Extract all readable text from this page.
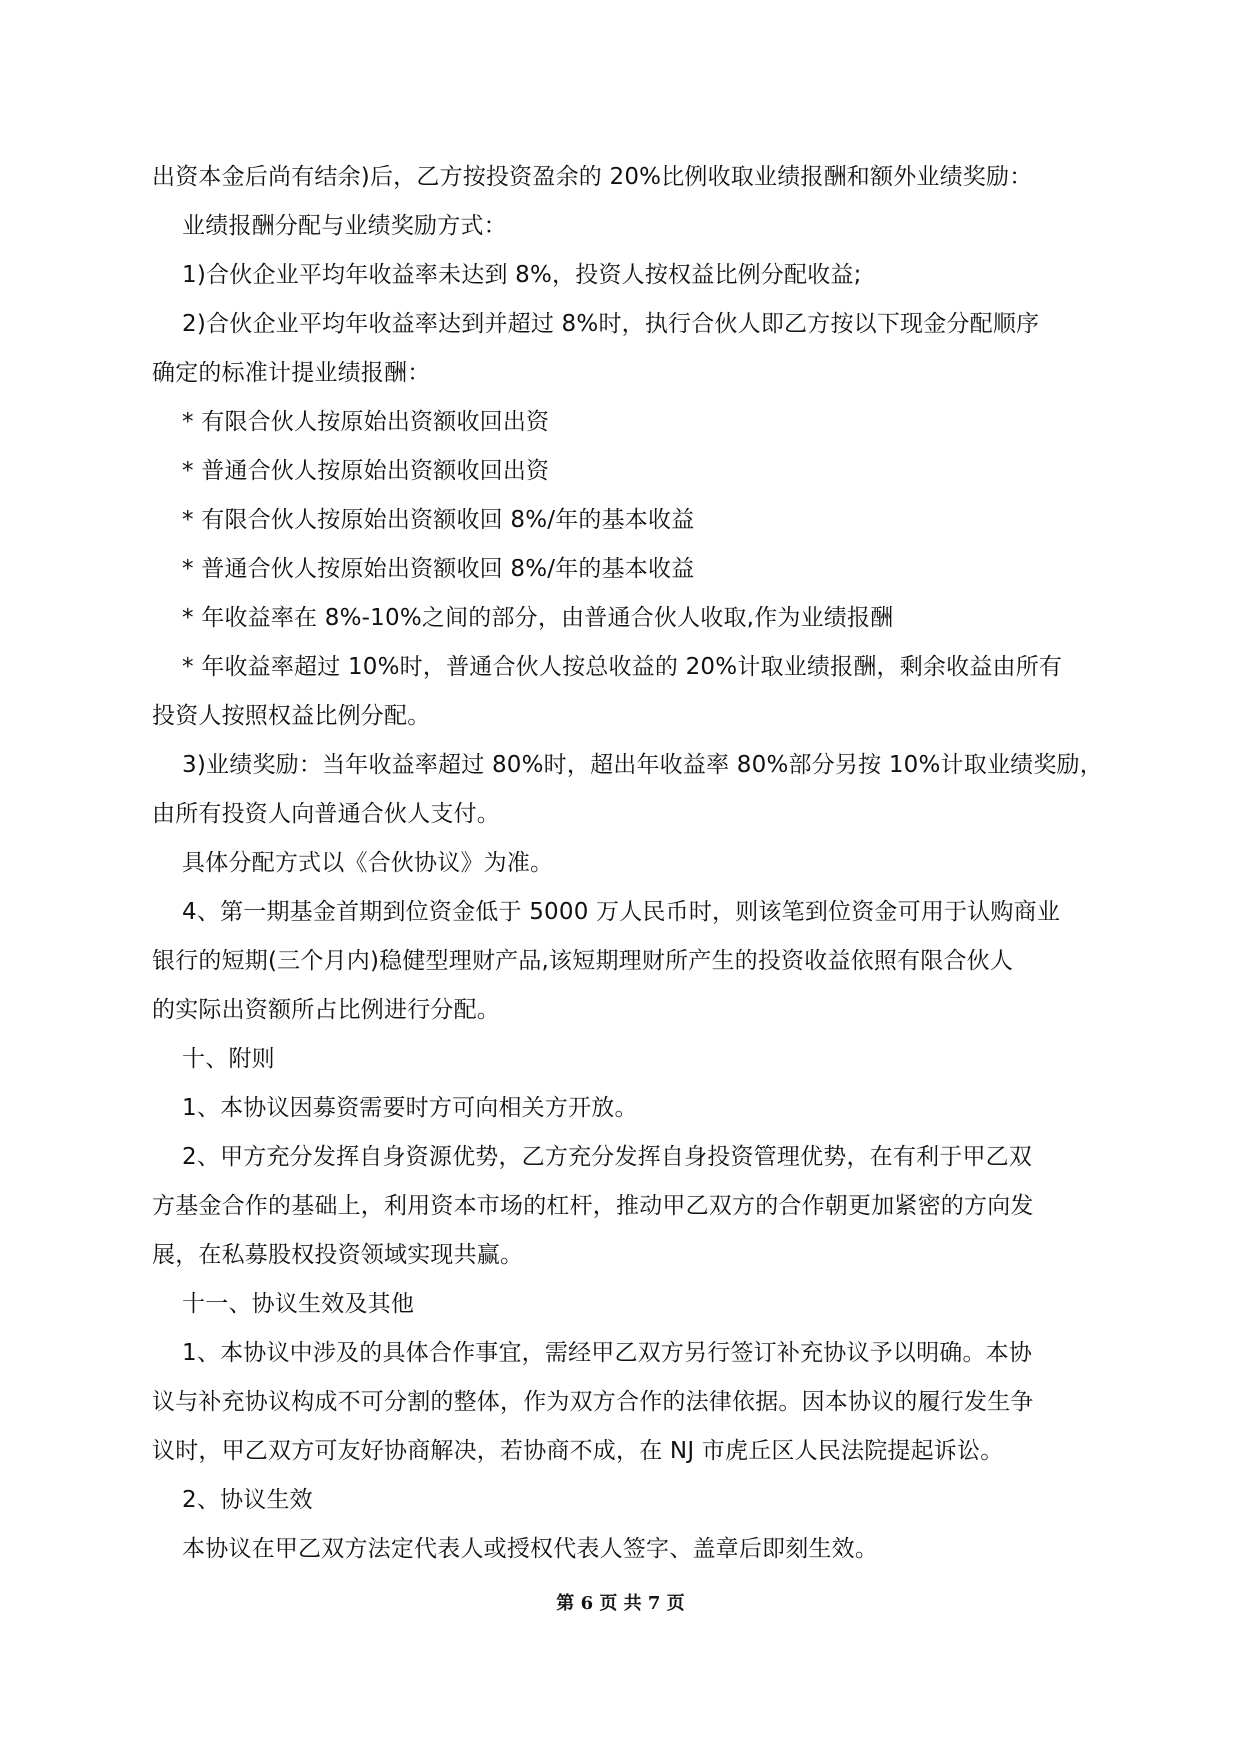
出资本金后尚有结余)后，乙方按投资盈余的 20%比例收取业绩报酬和额外业绩奖励：
业绩报酬分配与业绩奖励方式：
1)合伙企业平均年收益率未达到 8%，投资人按权益比例分配收益;
2)合伙企业平均年收益率达到并超过 8%时，执行合伙人即乙方按以下现金分配顺序
确定的标准计提业绩报酬：
* 有限合伙人按原始出资额收回出资
* 普通合伙人按原始出资额收回出资
* 有限合伙人按原始出资额收回 8%/年的基本收益
* 普通合伙人按原始出资额收回 8%/年的基本收益
* 年收益率在 8%-10%之间的部分，由普通合伙人收取,作为业绩报酬
* 年收益率超过 10%时，普通合伙人按总收益的 20%计取业绩报酬，剩余收益由所有
投资人按照权益比例分配。
3)业绩奖励：当年收益率超过 80%时，超出年收益率 80%部分另按 10%计取业绩奖励，
由所有投资人向普通合伙人支付。
具体分配方式以《合伙协议》为准。
4、第一期基金首期到位资金低于 5000 万人民币时，则该笔到位资金可用于认购商业
银行的短期(三个月内)稳健型理财产品,该短期理财所产生的投资收益依照有限合伙人
的实际出资额所占比例进行分配。
十、附则
1、本协议因募资需要时方可向相关方开放。
2、甲方充分发挥自身资源优势，乙方充分发挥自身投资管理优势，在有利于甲乙双
方基金合作的基础上，利用资本市场的杠杆，推动甲乙双方的合作朝更加紧密的方向发
展，在私募股权投资领域实现共赢。
十一、协议生效及其他
1、本协议中涉及的具体合作事宜，需经甲乙双方另行签订补充协议予以明确。本协
议与补充协议构成不可分割的整体，作为双方合作的法律依据。因本协议的履行发生争
议时，甲乙双方可友好协商解决，若协商不成，在 NJ 市虎丘区人民法院提起诉讼。
2、协议生效
本协议在甲乙双方法定代表人或授权代表人签字、盖章后即刻生效。
第 6 页 共 7 页
